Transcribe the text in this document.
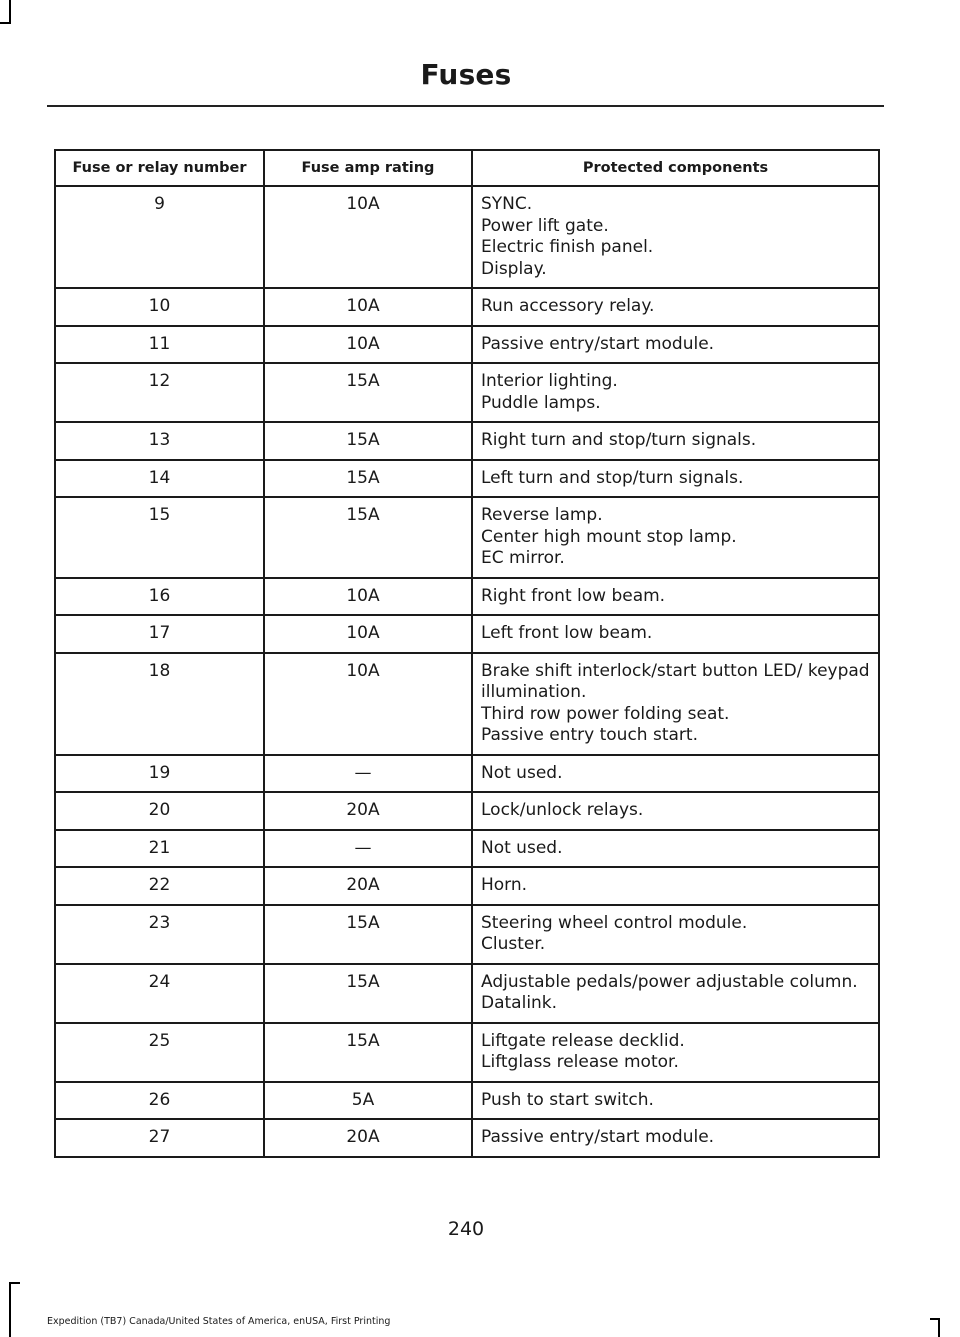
Fuses
Fuse or relay number	Fuse amp rating	Protected components
9	10A	SYNC.
Power lift gate.
Electric finish panel.
Display.

10	10A	Run accessory relay.

11	10A	Passive entry/start module.

12	15A	Interior lighting.
Puddle lamps.

13	15A	Right turn and stop/turn signals.

14	15A	Left turn and stop/turn signals.

15	15A	Reverse lamp.
Center high mount stop lamp.
EC mirror.

16	10A	Right front low beam.

17	10A	Left front low beam.

18	10A	Brake shift interlock/start button LED/ keypad illumination.
Third row power folding seat.
Passive entry touch start.

19	—	Not used.

20	20A	Lock/unlock relays.

21	—	Not used.

22	20A	Horn.

23	15A	Steering wheel control module.
Cluster.

24	15A	Adjustable pedals/power adjustable column.
Datalink.

25	15A	Liftgate release decklid.
Liftglass release motor.

26	5A	Push to start switch.

27	20A	Passive entry/start module.
240
Expedition (TB7) Canada/United States of America, enUSA, First Printing
